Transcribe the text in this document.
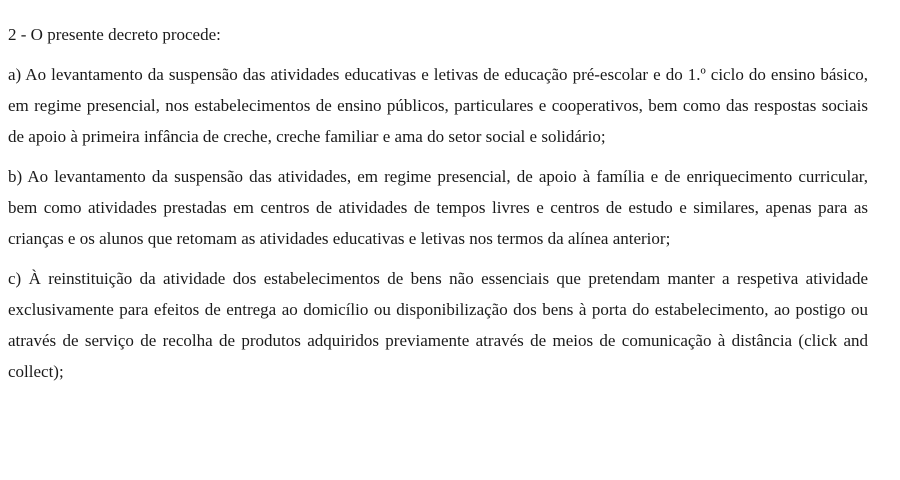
2 - O presente decreto procede:

a) Ao levantamento da suspensão das atividades educativas e letivas de educação pré-escolar e do 1.º ciclo do ensino básico, em regime presencial, nos estabelecimentos de ensino públicos, particulares e cooperativos, bem como das respostas sociais de apoio à primeira infância de creche, creche familiar e ama do setor social e solidário;

b) Ao levantamento da suspensão das atividades, em regime presencial, de apoio à família e de enriquecimento curricular, bem como atividades prestadas em centros de atividades de tempos livres e centros de estudo e similares, apenas para as crianças e os alunos que retomam as atividades educativas e letivas nos termos da alínea anterior;

c) À reinstituição da atividade dos estabelecimentos de bens não essenciais que pretendam manter a respetiva atividade exclusivamente para efeitos de entrega ao domicílio ou disponibilização dos bens à porta do estabelecimento, ao postigo ou através de serviço de recolha de produtos adquiridos previamente através de meios de comunicação à distância (click and collect);
